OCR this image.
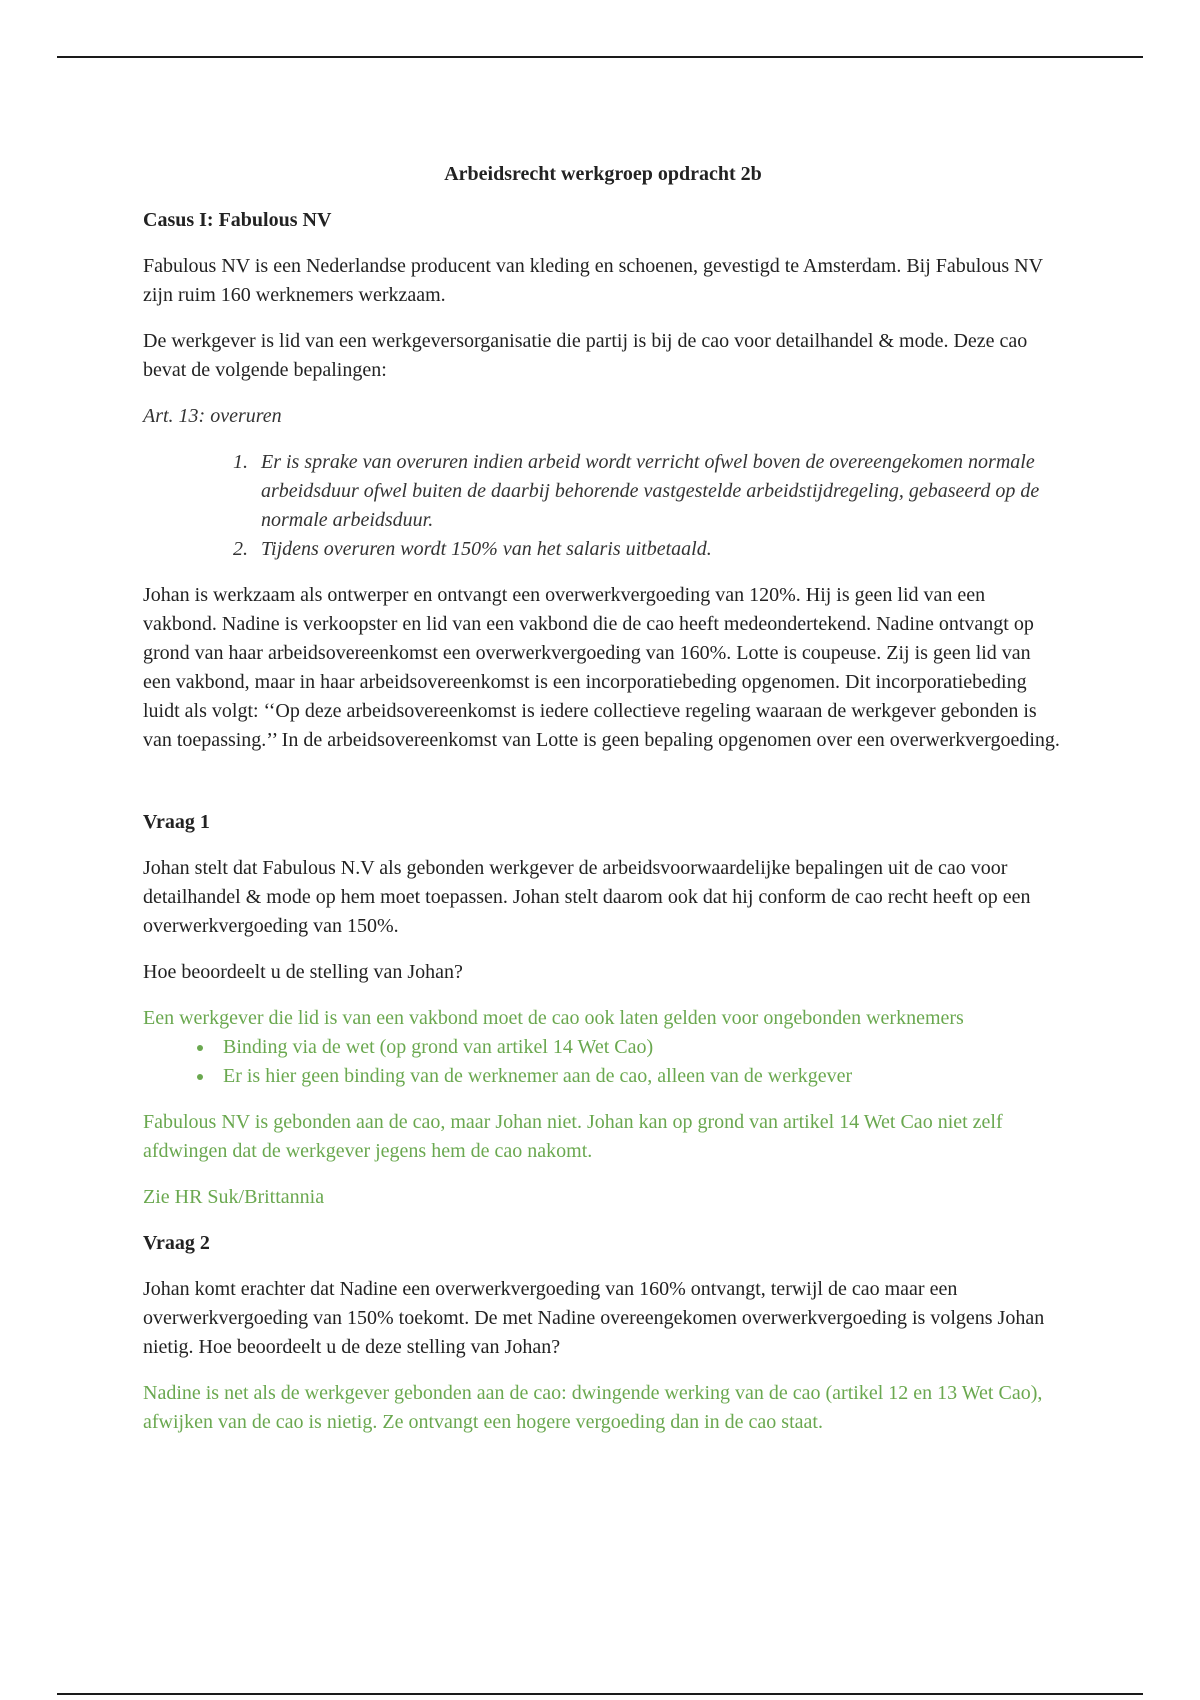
Arbeidsrecht werkgroep opdracht 2b
Casus I: Fabulous NV

Fabulous NV is een Nederlandse producent van kleding en schoenen, gevestigd te Amsterdam. Bij Fabulous NV zijn ruim 160 werknemers werkzaam.

De werkgever is lid van een werkgeversorganisatie die partij is bij de cao voor detailhandel & mode. Deze cao bevat de volgende bepalingen:

Art. 13: overuren

1. Er is sprake van overuren indien arbeid wordt verricht ofwel boven de overeengekomen normale arbeidsduur ofwel buiten de daarbij behorende vastgestelde arbeidstijdregeling, gebaseerd op de normale arbeidsduur.
2. Tijdens overuren wordt 150% van het salaris uitbetaald.

Johan is werkzaam als ontwerper en ontvangt een overwerkvergoeding van 120%. Hij is geen lid van een vakbond. Nadine is verkoopster en lid van een vakbond die de cao heeft medeondertekend. Nadine ontvangt op grond van haar arbeidsovereenkomst een overwerkvergoeding van 160%. Lotte is coupeuse. Zij is geen lid van een vakbond, maar in haar arbeidsovereenkomst is een incorporatiebeding opgenomen. Dit incorporatiebeding luidt als volgt: ‘‘Op deze arbeidsovereenkomst is iedere collectieve regeling waaraan de werkgever gebonden is van toepassing.’’ In de arbeidsovereenkomst van Lotte is geen bepaling opgenomen over een overwerkvergoeding.

Vraag 1

Johan stelt dat Fabulous N.V als gebonden werkgever de arbeidsvoorwaardelijke bepalingen uit de cao voor detailhandel & mode op hem moet toepassen. Johan stelt daarom ook dat hij conform de cao recht heeft op een overwerkvergoeding van 150%.

Hoe beoordeelt u de stelling van Johan?

Een werkgever die lid is van een vakbond moet de cao ook laten gelden voor ongebonden werknemers

• Binding via de wet (op grond van artikel 14 Wet Cao)
• Er is hier geen binding van de werknemer aan de cao, alleen van de werkgever

Fabulous NV is gebonden aan de cao, maar Johan niet. Johan kan op grond van artikel 14 Wet Cao niet zelf afdwingen dat de werkgever jegens hem de cao nakomt.

Zie HR Suk/Brittannia

Vraag 2

Johan komt erachter dat Nadine een overwerkvergoeding van 160% ontvangt, terwijl de cao maar een overwerkvergoeding van 150% toekomt. De met Nadine overeengekomen overwerkvergoeding is volgens Johan nietig. Hoe beoordeelt u de deze stelling van Johan?

Nadine is net als de werkgever gebonden aan de cao: dwingende werking van de cao (artikel 12 en 13 Wet Cao), afwijken van de cao is nietig. Ze ontvangt een hogere vergoeding dan in de cao staat.
